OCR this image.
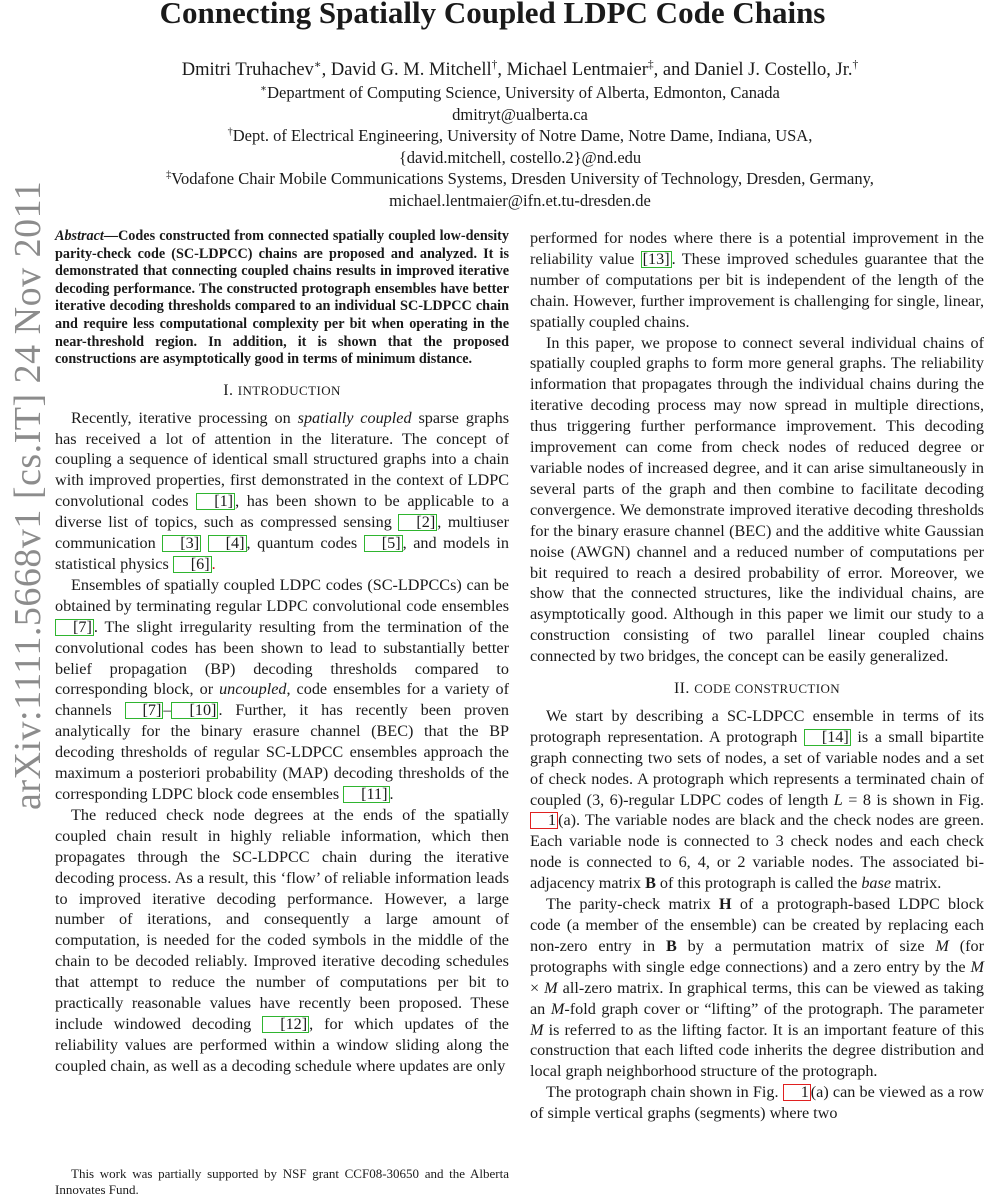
arXiv:1111.5668v1 [cs.IT] 24 Nov 2011
Connecting Spatially Coupled LDPC Code Chains
Dmitri Truhachev∗, David G. M. Mitchell†, Michael Lentmaier‡, and Daniel J. Costello, Jr.†
∗Department of Computing Science, University of Alberta, Edmonton, Canada
dmitryt@ualberta.ca
†Dept. of Electrical Engineering, University of Notre Dame, Notre Dame, Indiana, USA,
{david.mitchell, costello.2}@nd.edu
‡Vodafone Chair Mobile Communications Systems, Dresden University of Technology, Dresden, Germany,
michael.lentmaier@ifn.et.tu-dresden.de
Abstract—Codes constructed from connected spatially coupled low-density parity-check code (SC-LDPCC) chains are proposed and analyzed. It is demonstrated that connecting coupled chains results in improved iterative decoding performance. The constructed protograph ensembles have better iterative decoding thresholds compared to an individual SC-LDPCC chain and require less computational complexity per bit when operating in the near-threshold region. In addition, it is shown that the proposed constructions are asymptotically good in terms of minimum distance.
I. INTRODUCTION

Recently, iterative processing on spatially coupled sparse graphs has received a lot of attention in the literature. The concept of coupling a sequence of identical small structured graphs into a chain with improved properties, first demonstrated in the context of LDPC convolutional codes [1] , has been shown to be applicable to a diverse list of topics, such as compressed sensing [2] , multiuser communication [3] [4] , quantum codes [5] , and models in statistical physics [6] .

Ensembles of spatially coupled LDPC codes (SC-LDPCCs) can be obtained by terminating regular LDPC convolutional code ensembles [7] . The slight irregularity resulting from the termination of the convolutional codes has been shown to lead to substantially better belief propagation (BP) decoding thresholds compared to corresponding block, or uncoupled, code ensembles for a variety of channels [7] – [10] . Further, it has recently been proven analytically for the binary erasure channel (BEC) that the BP decoding thresholds of regular SC-LDPCC ensembles approach the maximum a posteriori probability (MAP) decoding thresholds of the corresponding LDPC block code ensembles [11] .

The reduced check node degrees at the ends of the spatially coupled chain result in highly reliable information, which then propagates through the SC-LDPCC chain during the iterative decoding process. As a result, this ‘flow’ of reliable information leads to improved iterative decoding performance. However, a large number of iterations, and consequently a large amount of computation, is needed for the coded symbols in the middle of the chain to be decoded reliably. Improved iterative decoding schedules that attempt to reduce the number of computations per bit to practically reasonable values have recently been proposed. These include windowed decoding [12] , for which updates of the reliability values are performed within a window sliding along the coupled chain, as well as a decoding schedule where updates are only

This work was partially supported by NSF grant CCF08-30650 and the Alberta Innovates Fund.

performed for nodes where there is a potential improvement in the reliability value [13] . These improved schedules guarantee that the number of computations per bit is independent of the length of the chain. However, further improvement is challenging for single, linear, spatially coupled chains.

In this paper, we propose to connect several individual chains of spatially coupled graphs to form more general graphs. The reliability information that propagates through the individual chains during the iterative decoding process may now spread in multiple directions, thus triggering further performance improvement. This decoding improvement can come from check nodes of reduced degree or variable nodes of increased degree, and it can arise simultaneously in several parts of the graph and then combine to facilitate decoding convergence. We demonstrate improved iterative decoding thresholds for the binary erasure channel (BEC) and the additive white Gaussian noise (AWGN) channel and a reduced number of computations per bit required to reach a desired probability of error. Moreover, we show that the connected structures, like the individual chains, are asymptotically good. Although in this paper we limit our study to a construction consisting of two parallel linear coupled chains connected by two bridges, the concept can be easily generalized.

II. CODE CONSTRUCTION

We start by describing a SC-LDPCC ensemble in terms of its protograph representation. A protograph [14] is a small bipartite graph connecting two sets of nodes, a set of variable nodes and a set of check nodes. A protograph which represents a terminated chain of coupled (3, 6)-regular LDPC codes of length L = 8 is shown in Fig. 1 (a). The variable nodes are black and the check nodes are green. Each variable node is connected to 3 check nodes and each check node is connected to 6, 4, or 2 variable nodes. The associated bi-adjacency matrix B of this protograph is called the base matrix.

The parity-check matrix H of a protograph-based LDPC block code (a member of the ensemble) can be created by replacing each non-zero entry in B by a permutation matrix of size M (for protographs with single edge connections) and a zero entry by the M × M all-zero matrix. In graphical terms, this can be viewed as taking an M-fold graph cover or “lifting” of the protograph. The parameter M is referred to as the lifting factor. It is an important feature of this construction that each lifted code inherits the degree distribution and local graph neighborhood structure of the protograph.

The protograph chain shown in Fig. 1 (a) can be viewed as a row of simple vertical graphs (segments) where two
